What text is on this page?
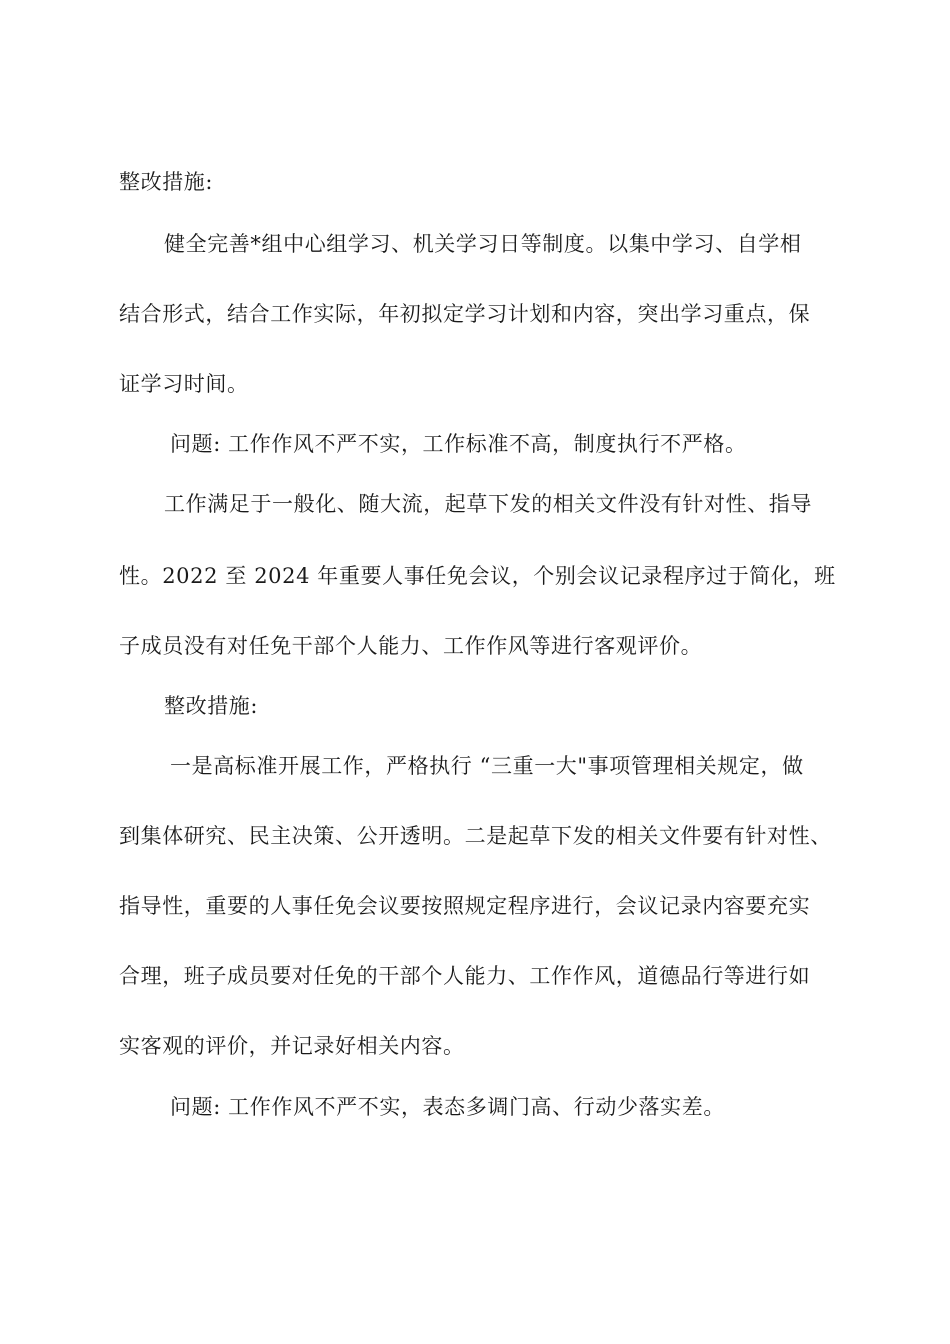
整改措施:
健全完善*组中心组学习、机关学习日等制度。以集中学习、自学相
结合形式，结合工作实际，年初拟定学习计划和内容，突出学习重点，保
证学习时间。
问题: 工作作风不严不实，工作标准不高，制度执行不严格。
工作满足于一般化、随大流，起草下发的相关文件没有针对性、指导
性。2022 至 2024 年重要人事任免会议，个别会议记录程序过于简化，班
子成员没有对任免干部个人能力、工作作风等进行客观评价。
整改措施:
一是高标准开展工作，严格执行 “三重一大"事项管理相关规定，做
到集体研究、民主决策、公开透明。二是起草下发的相关文件要有针对性、
指导性，重要的人事任免会议要按照规定程序进行，会议记录内容要充实
合理，班子成员要对任免的干部个人能力、工作作风，道德品行等进行如
实客观的评价，并记录好相关内容。
问题: 工作作风不严不实，表态多调门高、行动少落实差。
